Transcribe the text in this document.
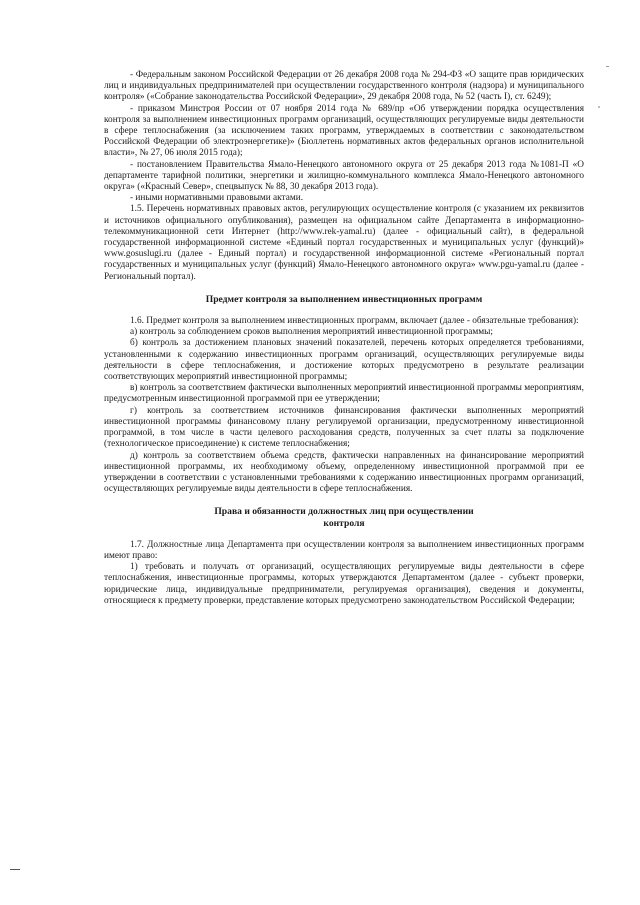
- Федеральным законом Российской Федерации от 26 декабря 2008 года № 294-ФЗ «О защите прав юридических лиц и индивидуальных предпринимателей при осуществлении государственного контроля (надзора) и муниципального контроля» («Собрание законодательства Российской Федерации», 29 декабря 2008 года, № 52 (часть I), ст. 6249);

- приказом Минстроя России от 07 ноября 2014 года № 689/пр «Об утверждении порядка осуществления контроля за выполнением инвестиционных программ организаций, осуществляющих регулируемые виды деятельности в сфере теплоснабжения (за исключением таких программ, утверждаемых в соответствии с законодательством Российской Федерации об электроэнергетике)» (Бюллетень нормативных актов федеральных органов исполнительной власти», № 27, 06 июля 2015 года);

- постановлением Правительства Ямало-Ненецкого автономного округа от 25 декабря 2013 года №1081-П «О департаменте тарифной политики, энергетики и жилищно-коммунального комплекса Ямало-Ненецкого автономного округа» («Красный Север», спецвыпуск № 88, 30 декабря 2013 года).

- иными нормативными правовыми актами.

1.5. Перечень нормативных правовых актов, регулирующих осуществление контроля (с указанием их реквизитов и источников официального опубликования), размещен на официальном сайте Департамента в информационно-телекоммуникационной сети Интернет (http://www.rek-yamal.ru) (далее - официальный сайт), в федеральной государственной информационной системе «Единый портал государственных и муниципальных услуг (функций)» www.gosuslugi.ru (далее - Единый портал) и государственной информационной системе «Региональный портал государственных и муниципальных услуг (функций) Ямало-Ненецкого автономного округа» www.pgu-yamal.ru (далее - Региональный портал).

Предмет контроля за выполнением инвестиционных программ

1.6. Предмет контроля за выполнением инвестиционных программ, включает (далее - обязательные требования):

а) контроль за соблюдением сроков выполнения мероприятий инвестиционной программы;

б) контроль за достижением плановых значений показателей, перечень которых определяется требованиями, установленными к содержанию инвестиционных программ организаций, осуществляющих регулируемые виды деятельности в сфере теплоснабжения, и достижение которых предусмотрено в результате реализации соответствующих мероприятий инвестиционной программы;

в) контроль за соответствием фактически выполненных мероприятий инвестиционной программы мероприятиям, предусмотренным инвестиционной программой при ее утверждении;

г) контроль за соответствием источников финансирования фактически выполненных мероприятий инвестиционной программы финансовому плану регулируемой организации, предусмотренному инвестиционной программой, в том числе в части целевого расходования средств, полученных за счет платы за подключение (технологическое присоединение) к системе теплоснабжения;

д) контроль за соответствием объема средств, фактически направленных на финансирование мероприятий инвестиционной программы, их необходимому объему, определенному инвестиционной программой при ее утверждении в соответствии с установленными требованиями к содержанию инвестиционных программ организаций, осуществляющих регулируемые виды деятельности в сфере теплоснабжения.

Права и обязанности должностных лиц при осуществлении
контроля

1.7. Должностные лица Департамента при осуществлении контроля за выполнением инвестиционных программ имеют право:

1) требовать и получать от организаций, осуществляющих регулируемые виды деятельности в сфере теплоснабжения, инвестиционные программы, которых утверждаются Департаментом (далее - субъект проверки, юридические лица, индивидуальные предприниматели, регулируемая организация), сведения и документы, относящиеся к предмету проверки, представление которых предусмотрено законодательством Российской Федерации;
